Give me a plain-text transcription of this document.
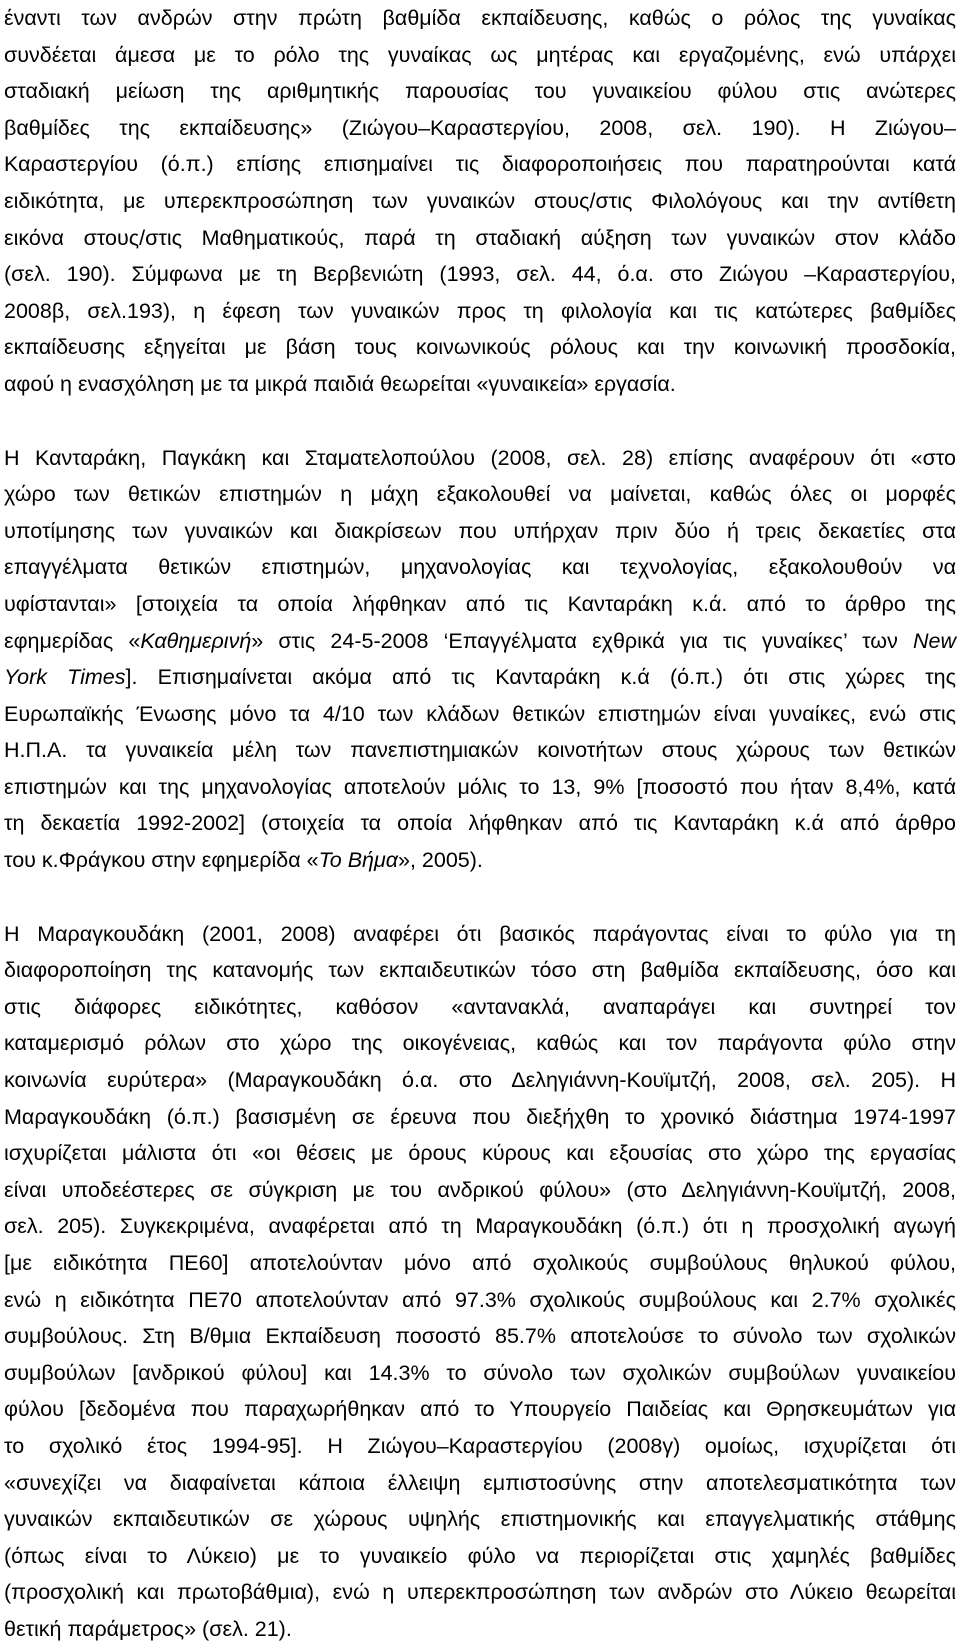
έναντι των ανδρών στην πρώτη βαθμίδα εκπαίδευσης, καθώς ο ρόλος της γυναίκας
συνδέεται άμεσα με το ρόλο της γυναίκας ως μητέρας και εργαζομένης, ενώ υπάρχει
σταδιακή μείωση της αριθμητικής παρουσίας του γυναικείου φύλου στις ανώτερες
βαθμίδες της εκπαίδευσης» (Ζιώγου–Καραστεργίου, 2008, σελ. 190). Η Ζιώγου–
Καραστεργίου (ό.π.) επίσης επισημαίνει τις διαφοροποιήσεις που παρατηρούνται κατά
ειδικότητα, με υπερεκπροσώπηση των γυναικών στους/στις Φιλολόγους και την αντίθετη
εικόνα στους/στις Μαθηματικούς, παρά τη σταδιακή αύξηση των γυναικών στον κλάδο
(σελ. 190). Σύμφωνα με τη Βερβενιώτη (1993, σελ. 44, ό.α. στο Ζιώγου –Καραστεργίου,
2008β, σελ.193), η έφεση των γυναικών προς τη φιλολογία και τις κατώτερες βαθμίδες
εκπαίδευσης εξηγείται με βάση τους κοινωνικούς ρόλους και την κοινωνική προσδοκία,
αφού η ενασχόληση με τα μικρά παιδιά θεωρείται «γυναικεία» εργασία.
Η Κανταράκη, Παγκάκη και Σταματελοπούλου (2008, σελ. 28) επίσης αναφέρουν ότι «στο
χώρο των θετικών επιστημών η μάχη εξακολουθεί να μαίνεται, καθώς όλες οι μορφές
υποτίμησης των γυναικών και διακρίσεων που υπήρχαν πριν δύο ή τρεις δεκαετίες στα
επαγγέλματα θετικών επιστημών, μηχανολογίας και τεχνολογίας, εξακολουθούν να
υφίστανται» [στοιχεία τα οποία λήφθηκαν από τις Κανταράκη κ.ά. από το άρθρο της
εφημερίδας «Καθημερινή» στις 24-5-2008 ‘Επαγγέλματα εχθρικά για τις γυναίκες’ των New
York Times]. Επισημαίνεται ακόμα από τις Κανταράκη κ.ά (ό.π.) ότι στις χώρες της
Ευρωπαϊκής Ένωσης μόνο τα 4/10 των κλάδων θετικών επιστημών είναι γυναίκες, ενώ στις
Η.Π.Α. τα γυναικεία μέλη των πανεπιστημιακών κοινοτήτων στους χώρους των θετικών
επιστημών και της μηχανολογίας αποτελούν μόλις το 13, 9% [ποσοστό που ήταν 8,4%, κατά
τη δεκαετία 1992-2002] (στοιχεία τα οποία λήφθηκαν από τις Κανταράκη κ.ά από άρθρο
του κ.Φράγκου στην εφημερίδα «Το Βήμα», 2005).
Η Μαραγκουδάκη (2001, 2008) αναφέρει ότι βασικός παράγοντας είναι το φύλο για τη
διαφοροποίηση της κατανομής των εκπαιδευτικών τόσο στη βαθμίδα εκπαίδευσης, όσο και
στις διάφορες ειδικότητες, καθόσον «αντανακλά, αναπαράγει και συντηρεί τον
καταμερισμό ρόλων στο χώρο της οικογένειας, καθώς και τον παράγοντα φύλο στην
κοινωνία ευρύτερα» (Μαραγκουδάκη ό.α. στο Δεληγιάννη-Κουϊμτζή, 2008, σελ. 205). Η
Μαραγκουδάκη (ό.π.) βασισμένη σε έρευνα που διεξήχθη το χρονικό διάστημα 1974-1997
ισχυρίζεται μάλιστα ότι «οι θέσεις με όρους κύρους και εξουσίας στο χώρο της εργασίας
είναι υποδεέστερες σε σύγκριση με του ανδρικού φύλου» (στο Δεληγιάννη-Κουϊμτζή, 2008,
σελ. 205). Συγκεκριμένα, αναφέρεται από τη Μαραγκουδάκη (ό.π.) ότι η προσχολική αγωγή
[με ειδικότητα ΠΕ60] αποτελούνταν μόνο από σχολικούς συμβούλους θηλυκού φύλου,
ενώ η ειδικότητα ΠΕ70 αποτελούνταν από 97.3% σχολικούς συμβούλους και 2.7% σχολικές
συμβούλους. Στη Β/θμια Εκπαίδευση ποσοστό 85.7% αποτελούσε το σύνολο των σχολικών
συμβούλων [ανδρικού φύλου] και 14.3% το σύνολο των σχολικών συμβούλων γυναικείου
φύλου [δεδομένα που παραχωρήθηκαν από το Υπουργείο Παιδείας και Θρησκευμάτων για
το σχολικό έτος 1994-95]. Η Ζιώγου–Καραστεργίου (2008γ) ομοίως, ισχυρίζεται ότι
«συνεχίζει να διαφαίνεται κάποια έλλειψη εμπιστοσύνης στην αποτελεσματικότητα των
γυναικών εκπαιδευτικών σε χώρους υψηλής επιστημονικής και επαγγελματικής στάθμης
(όπως είναι το Λύκειο) με το γυναικείο φύλο να περιορίζεται στις χαμηλές βαθμίδες
(προσχολική και πρωτοβάθμια), ενώ η υπερεκπροσώπηση των ανδρών στο Λύκειο θεωρείται
θετική παράμετρος» (σελ. 21).
